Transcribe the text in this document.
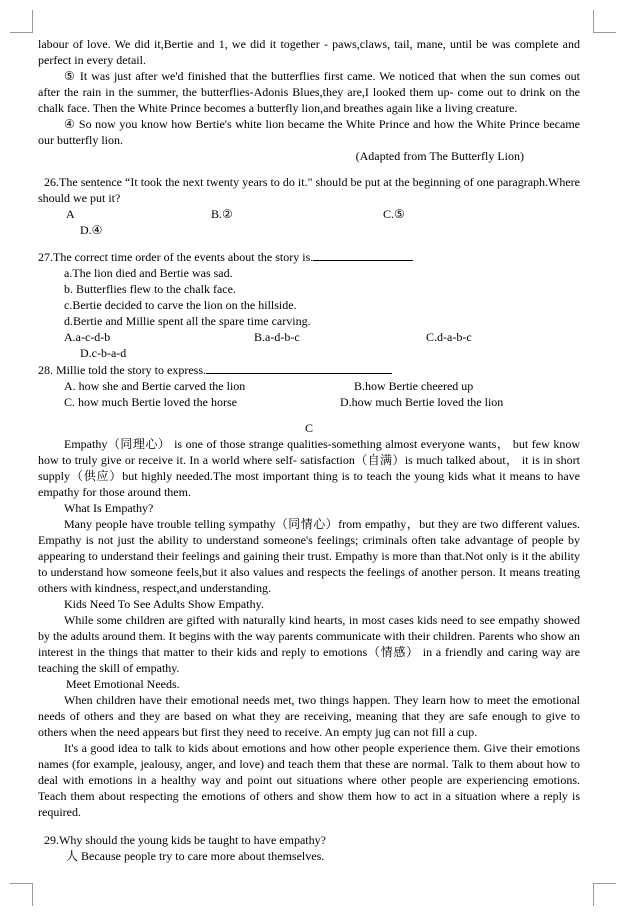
labour of love. We did it,Bertie and 1, we did it together - paws,claws, tail, mane, until be was complete and perfect in every detail.

⑤ It was just after we'd finished that the butterflies first came. We noticed that when the sun comes out after the rain in the summer, the butterflies-Adonis Blues,they are,I looked them up- come out to drink on the chalk face. Then the White Prince becomes a butterfly lion,and breathes again like a living creature.

④ So now you know how Bertie's white lion became the White Prince and how the White Prince became our butterfly lion.

(Adapted from The Butterfly Lion)

26.The sentence “It took the next twenty years to do it." should be put at the beginning of one paragraph.Where should we put it?

A	B.②	C.⑤
D.④

27.The correct time order of the events about the story is.

a.The lion died and Bertie was sad.

b. Butterflies flew to the chalk face.

c.Bertie decided to carve the lion on the hillside.

d.Bertie and Millie spent all the spare time carving.

A.a-c-d-b	B.a-d-b-c	C.d-a-b-c
D.c-b-a-d

28. Millie told the story to express.

A. how she and Bertie carved the lion	B.how Bertie cheered up
C. how much Bertie loved the horse	D.how much Bertie loved the lion

C

Empathy（同理心） is one of those strange qualities-something almost everyone wants， but few know how to truly give or receive it. In a world where self- satisfaction（自满）is much talked about， it is in short supply（供应）but highly needed.The most important thing is to teach the young kids what it means to have empathy for those around them.

What Is Empathy?

Many people have trouble telling sympathy（同情心）from empathy，but they are two different values. Empathy is not just the ability to understand someone's feelings; criminals often take advantage of people by appearing to understand their feelings and gaining their trust. Empathy is more than that.Not only is it the ability to understand how someone feels,but it also values and respects the feelings of another person. It means treating others with kindness, respect,and understanding.

Kids Need To See Adults Show Empathy.

While some children are gifted with naturally kind hearts, in most cases kids need to see empathy showed by the adults around them. It begins with the way parents communicate with their children. Parents who show an interest in the things that matter to their kids and reply to emotions（情感） in a friendly and caring way are teaching the skill of empathy.

Meet Emotional Needs.

When children have their emotional needs met, two things happen. They learn how to meet the emotional needs of others and they are based on what they are receiving, meaning that they are safe enough to give to others when the need appears but first they need to receive. An empty jug can not fill a cup.

It's a good idea to talk to kids about emotions and how other people experience them. Give their emotions names (for example, jealousy, anger, and love) and teach them that these are normal. Talk to them about how to deal with emotions in a healthy way and point out situations where other people are experiencing emotions. Teach them about respecting the emotions of others and show them how to act in a situation where a reply is required.

29.Why should the young kids be taught to have empathy?

人 Because people try to care more about themselves.
